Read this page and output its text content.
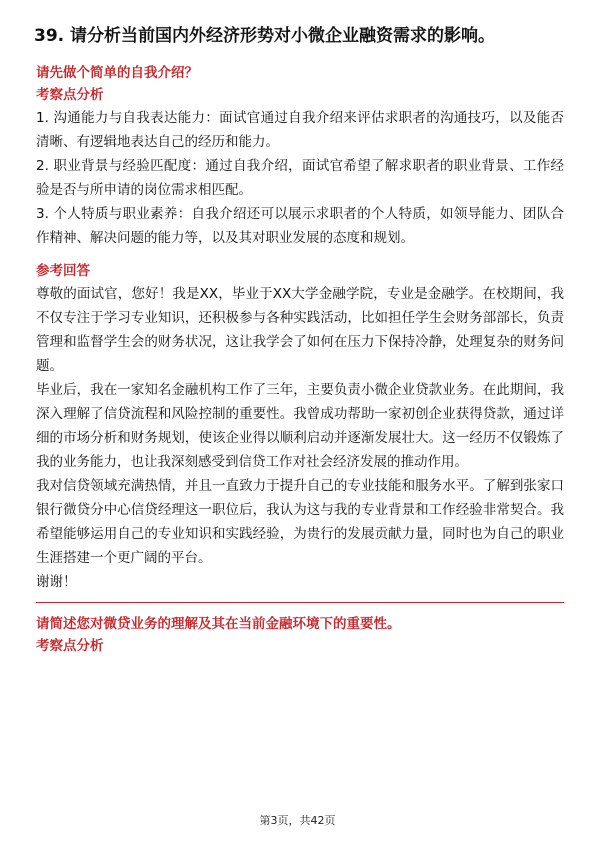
39. 请分析当前国内外经济形势对小微企业融资需求的影响。
请先做个简单的自我介绍？
考察点分析

1. 沟通能力与自我表达能力：面试官通过自我介绍来评估求职者的沟通技巧，以及能否清晰、有逻辑地表达自己的经历和能力。

2. 职业背景与经验匹配度：通过自我介绍，面试官希望了解求职者的职业背景、工作经验是否与所申请的岗位需求相匹配。

3. 个人特质与职业素养：自我介绍还可以展示求职者的个人特质，如领导能力、团队合作精神、解决问题的能力等，以及其对职业发展的态度和规划。

参考回答

尊敬的面试官，您好！我是XX，毕业于XX大学金融学院，专业是金融学。在校期间，我不仅专注于学习专业知识，还积极参与各种实践活动，比如担任学生会财务部部长，负责管理和监督学生会的财务状况，这让我学会了如何在压力下保持冷静，处理复杂的财务问题。

毕业后，我在一家知名金融机构工作了三年，主要负责小微企业贷款业务。在此期间，我深入理解了信贷流程和风险控制的重要性。我曾成功帮助一家初创企业获得贷款，通过详细的市场分析和财务规划，使该企业得以顺利启动并逐渐发展壮大。这一经历不仅锻炼了我的业务能力，也让我深刻感受到信贷工作对社会经济发展的推动作用。

我对信贷领域充满热情，并且一直致力于提升自己的专业技能和服务水平。了解到张家口银行微贷分中心信贷经理这一职位后，我认为这与我的专业背景和工作经验非常契合。我希望能够运用自己的专业知识和实践经验，为贵行的发展贡献力量，同时也为自己的职业生涯搭建一个更广阔的平台。

谢谢！

请简述您对微贷业务的理解及其在当前金融环境下的重要性。
考察点分析
第3页，共42页
